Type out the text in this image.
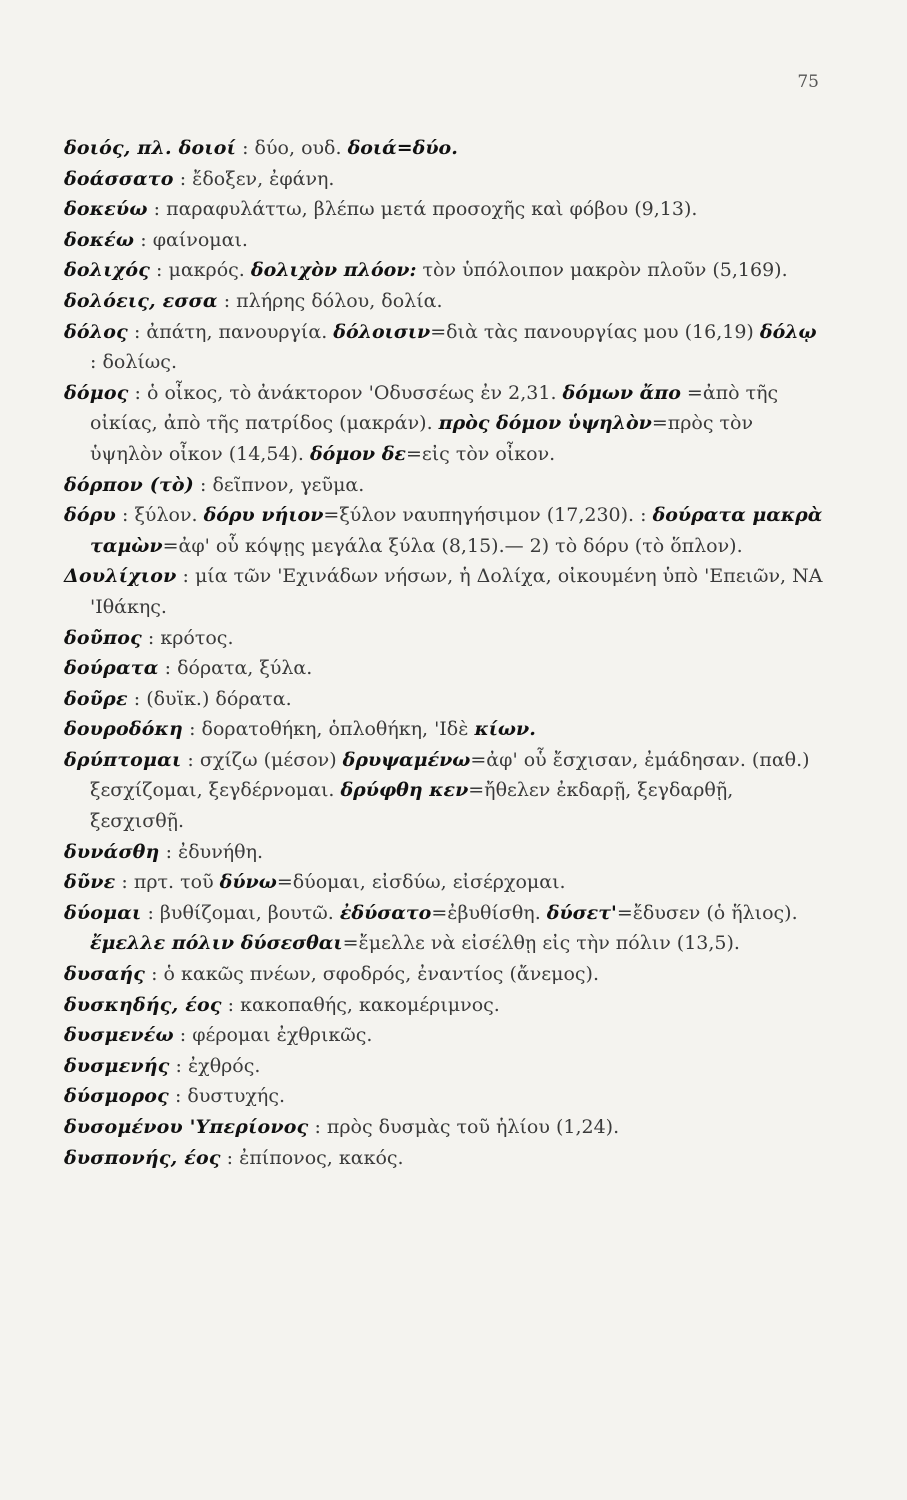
75

δοιός, πλ. δοιοί : δύο, ουδ. δοιά=δύο.

δοάσσατο : ἔδοξεν, ἐφάνη.

δοκεύω : παραφυλάττω, βλέπω μετά προσοχῆς καὶ φόβου (9,13).

δοκέω : φαίνομαι.

δολιχός : μακρός. δολιχὸν πλόον: τὸν ὑπόλοιπον μακρὸν πλοῦν (5,169).

δολόεις, εσσα : πλήρης δόλου, δολία.

δόλος : ἀπάτη, πανουργία. δόλοισιν=διὰ τὰς πανουργίας μου (16,19) δόλῳ : δολίως.

δόμος : ὁ οἶκος, τὸ ἀνάκτορον 'Οδυσσέως ἐν 2,31. δόμων ἄπο =ἀπὸ τῆς οἰκίας, ἀπὸ τῆς πατρίδος (μακράν). πρὸς δόμον ὑψηλὸν=πρὸς τὸν ὑψηλὸν οἶκον (14,54). δόμον δε=εἰς τὸν οἶκον.

δόρπον (τὸ) : δεῖπνον, γεῦμα.

δόρυ : ξύλον. δόρυ νήιον=ξύλον ναυπηγήσιμον (17,230). : δούρατα μακρὰ ταμὼν=ἀφ' οὗ κόψῃς μεγάλα ξύλα (8,15).— 2) τὸ δόρυ (τὸ ὅπλον).

Δουλίχιον : μία τῶν 'Εχινάδων νήσων, ἡ Δολίχα, οἰκουμένη ὑπὸ 'Επειῶν, ΝΑ 'Ιθάκης.

δοῦπος : κρότος.

δούρατα : δόρατα, ξύλα.

δοῦρε : (δυϊκ.) δόρατα.

δουροδόκη : δορατοθήκη, ὁπλοθήκη, 'Ιδὲ κίων.

δρύπτομαι : σχίζω (μέσον) δρυψαμένω=ἀφ' οὗ ἔσχισαν, ἐμάδησαν. (παθ.) ξεσχίζομαι, ξεγδέρνομαι. δρύφθη κεν=ἤθελεν ἐκδαρῇ, ξεγδαρθῇ, ξεσχισθῇ.

δυνάσθη : ἐδυνήθη.

δῦνε : πρτ. τοῦ δύνω=δύομαι, εἰσδύω, εἰσέρχομαι.

δύομαι : βυθίζομαι, βουτῶ. ἐδύσατο=ἐβυθίσθη. δύσετ'=ἔδυσεν (ὁ ἥλιος). ἔμελλε πόλιν δύσεσθαι=ἔμελλε νὰ εἰσέλθῃ εἰς τὴν πόλιν (13,5).

δυσαής : ὁ κακῶς πνέων, σφοδρός, ἐναντίος (ἄνεμος).

δυσκηδής, έος : κακοπαθής, κακομέριμνος.

δυσμενέω : φέρομαι ἐχθρικῶς.

δυσμενής : ἐχθρός.

δύσμορος : δυστυχής.

δυσομένου 'Υπερίονος : πρὸς δυσμὰς τοῦ ἡλίου (1,24).

δυσπονής, έος : ἐπίπονος, κακός.
